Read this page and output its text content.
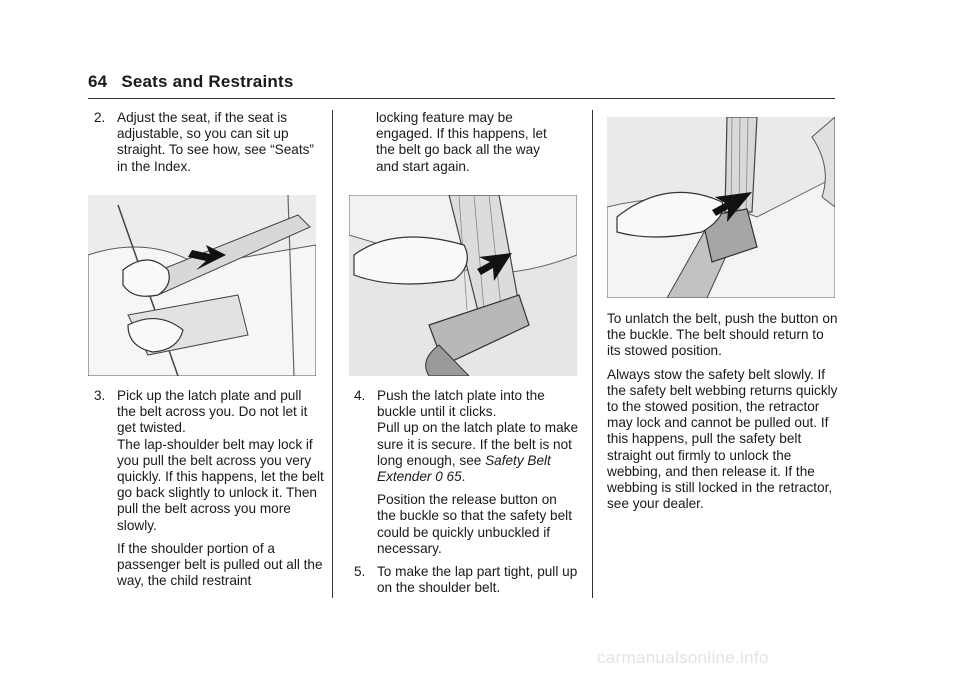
64 Seats and Restraints
2. Adjust the seat, if the seat is adjustable, so you can sit up straight. To see how, see “Seats” in the Index.
3. Pick up the latch plate and pull the belt across you. Do not let it get twisted.

The lap-shoulder belt may lock if you pull the belt across you very quickly. If this happens, let the belt go back slightly to unlock it. Then pull the belt across you more slowly.

If the shoulder portion of a passenger belt is pulled out all the way, the child restraint

locking feature may be engaged. If this happens, let the belt go back all the way and start again.

4. Push the latch plate into the buckle until it clicks.

Pull up on the latch plate to make sure it is secure. If the belt is not long enough, see Safety Belt Extender 0 65.

Position the release button on the buckle so that the safety belt could be quickly unbuckled if necessary.

5. To make the lap part tight, pull up on the shoulder belt.

To unlatch the belt, push the button on the buckle. The belt should return to its stowed position.

Always stow the safety belt slowly. If the safety belt webbing returns quickly to the stowed position, the retractor may lock and cannot be pulled out. If this happens, pull the safety belt straight out firmly to unlock the webbing, and then release it. If the webbing is still locked in the retractor, see your dealer.

carmanualsonline.info
